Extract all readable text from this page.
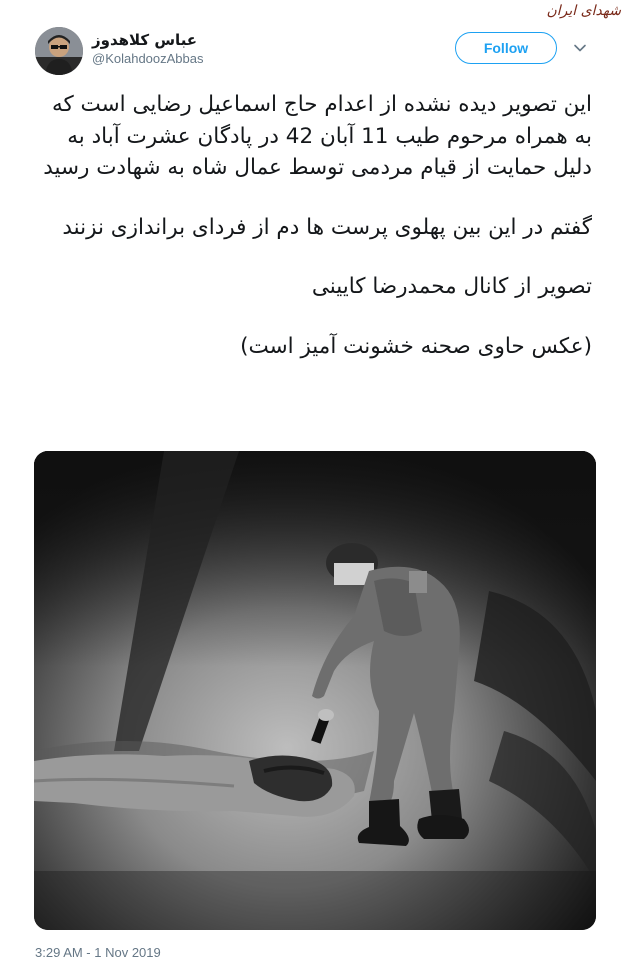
شهدای ایران
عباس کلاهدوز
@KolahdoozAbbas
Follow

این تصویر دیده نشده از اعدام حاج اسماعیل رضایی است که به همراه مرحوم طیب 11 آبان 42 در پادگان عشرت آباد به دلیل حمایت از قیام مردمی توسط عمال شاه به شهادت رسید

گفتم در این بین پهلوی پرست ها دم از فردای براندازی نزنند

تصویر از کانال محمدرضا کایینی

(عکس حاوی صحنه خشونت آمیز است)

3:29 AM - 1 Nov 2019
